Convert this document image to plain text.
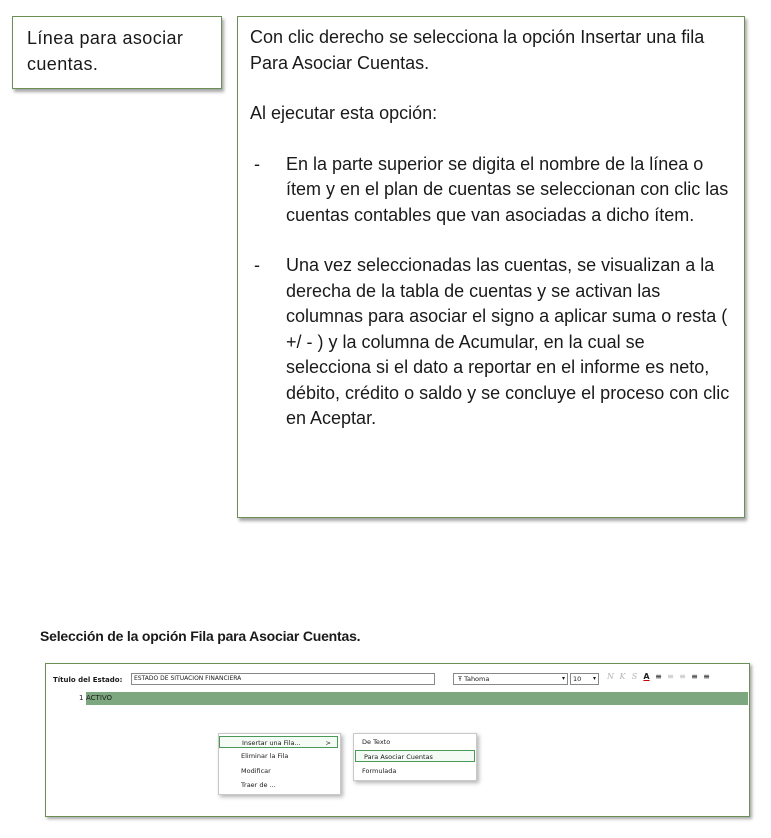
Línea para asociar cuentas.

Con clic derecho se selecciona la opción Insertar una fila Para Asociar Cuentas.

Al ejecutar esta opción:

- En la parte superior se digita el nombre de la línea o ítem y en el plan de cuentas se seleccionan con clic las cuentas contables que van asociadas a dicho ítem.

- Una vez seleccionadas las cuentas, se visualizan a la derecha de la tabla de cuentas y se activan las columnas para asociar el signo a aplicar suma o resta ( +/ - ) y la columna de Acumular, en la cual se selecciona si el dato a reportar en el informe es neto, débito, crédito o saldo y se concluye el proceso con clic en Aceptar.

Selección de la opción Fila para Asociar Cuentas.
Título del Estado:	ESTADO DE SITUACION FINANCIERA	Ŧ Tahoma	▾	10 ▾ N K S A ≡ ≡ ≡ ≡ ≡
1 ACTIVO
Insertar una Fila...	>
Eliminar la Fila
Modificar
Traer de ...
De Texto
Para Asociar Cuentas
Formulada
